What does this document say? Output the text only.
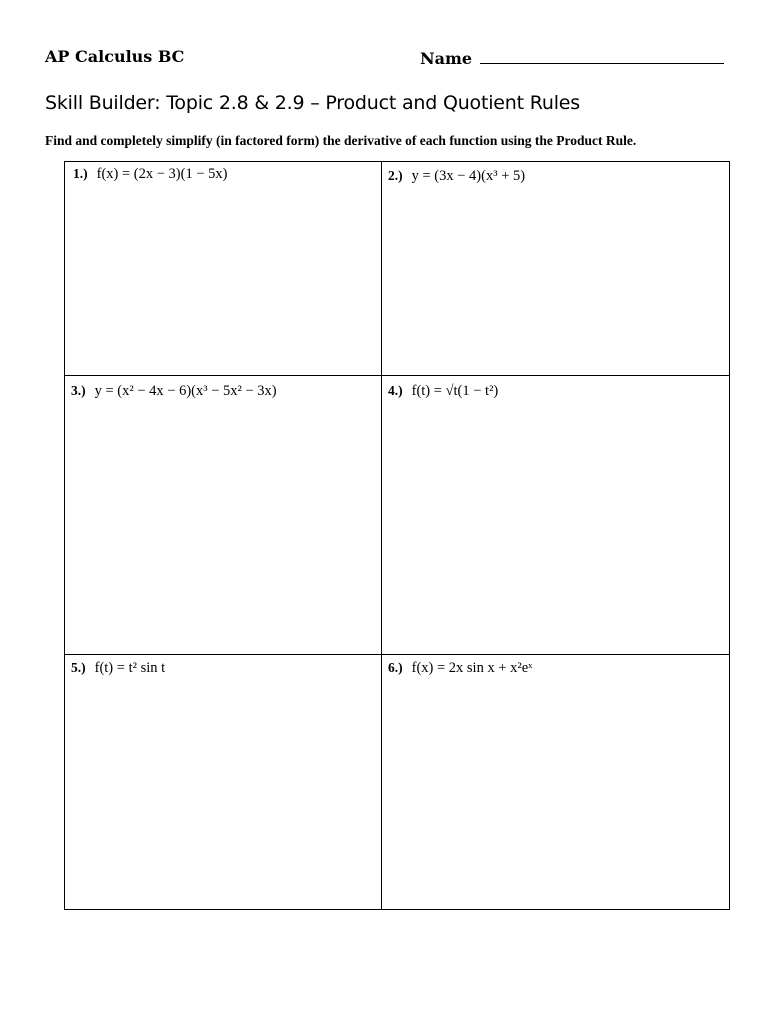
AP Calculus BC	Name
Skill Builder: Topic 2.8 & 2.9 – Product and Quotient Rules
Find and completely simplify (in factored form) the derivative of each function using the Product Rule.
1.) f(x) = (2x − 3)(1 − 5x)	2.) y = (3x − 4)(x³ + 5)
3.) y = (x² − 4x − 6)(x³ − 5x² − 3x)	4.) f(t) = √t(1 − t²)
5.) f(t) = t² sin t	6.) f(x) = 2x sin x + x²eˣ
